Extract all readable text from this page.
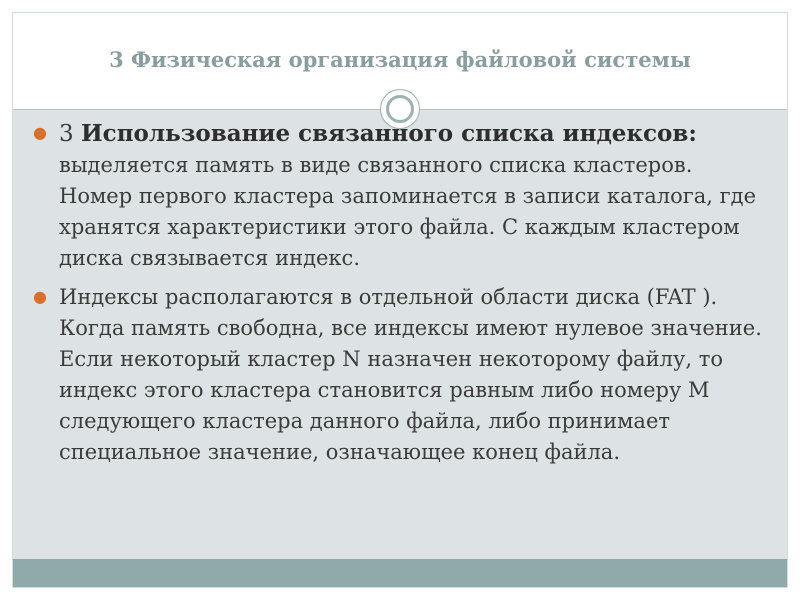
3 Физическая организация файловой системы

● 3 Использование связанного списка индексов: выделяется память в виде связанного списка кластеров. Номер первого кластера запоминается в записи каталога, где хранятся характеристики этого файла. С каждым кластером диска связывается индекс.

● Индексы располагаются в отдельной области диска (FAT ). Когда память свободна, все индексы имеют нулевое значение. Если некоторый кластер N назначен некоторому файлу, то индекс этого кластера становится равным либо номеру M следующего кластера данного файла, либо принимает специальное значение, означающее конец файла.
